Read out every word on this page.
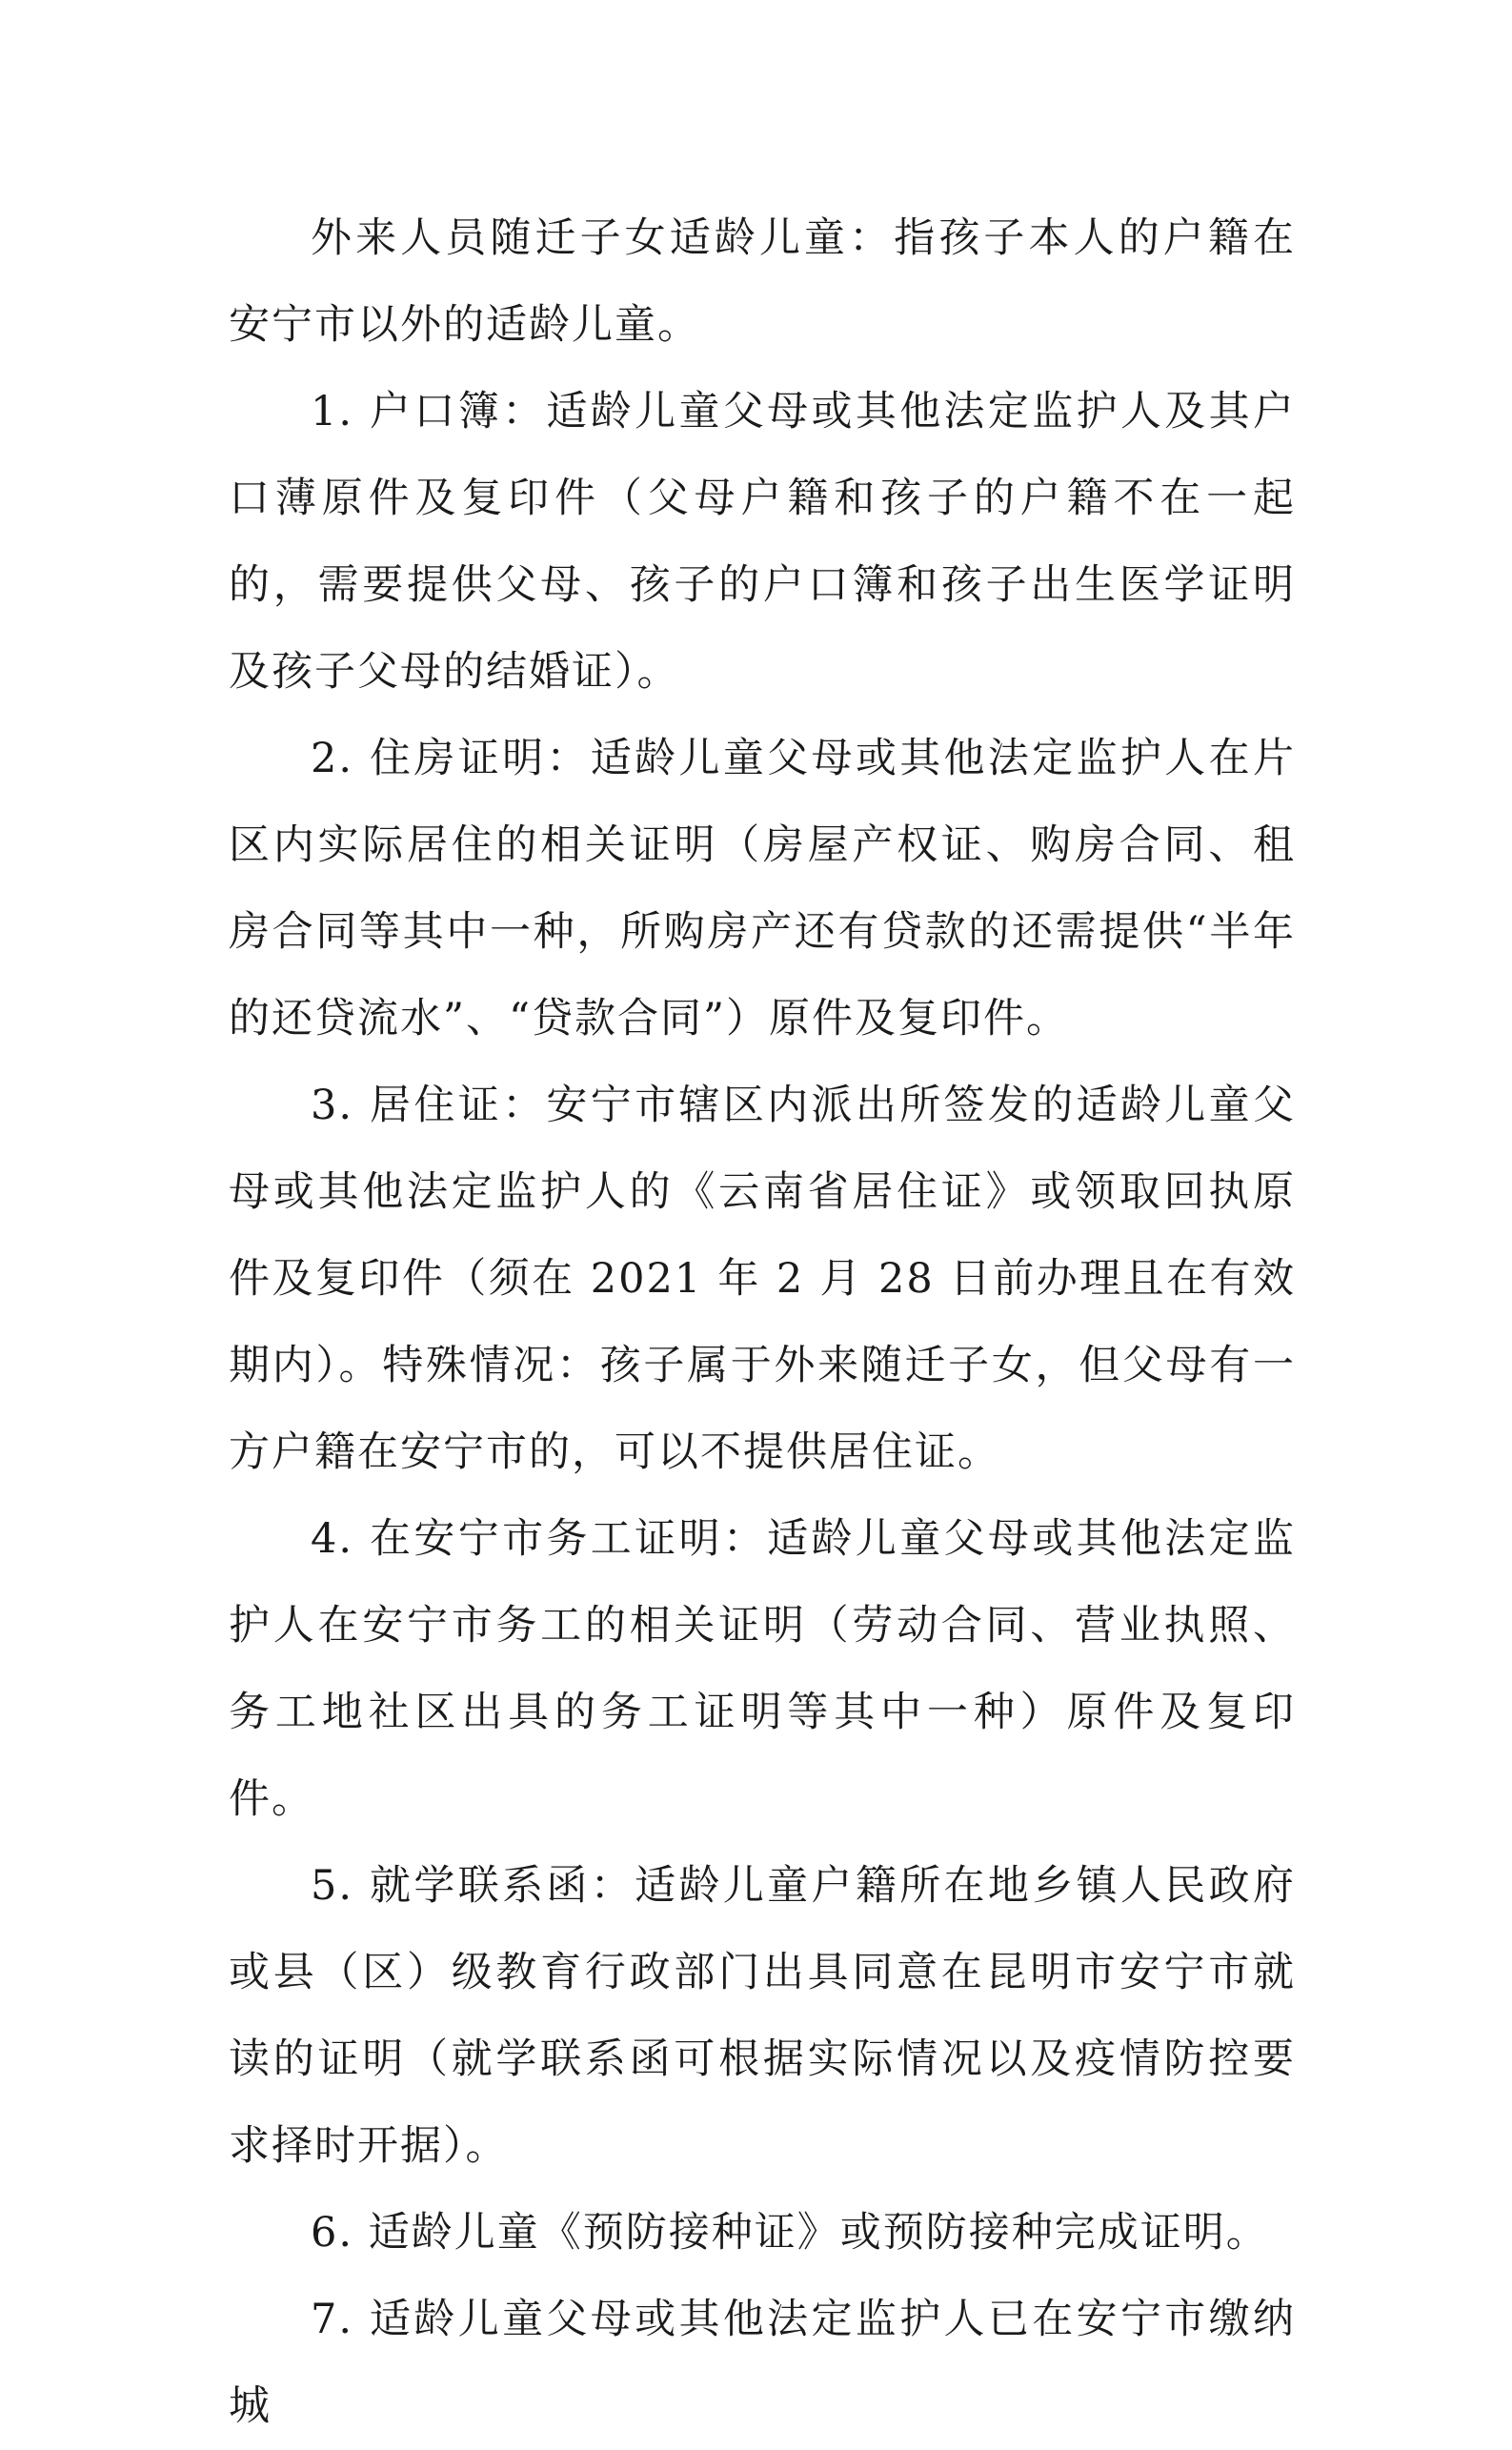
外来人员随迁子女适龄儿童：指孩子本人的户籍在安宁市以外的适龄儿童。

1. 户口簿：适龄儿童父母或其他法定监护人及其户口薄原件及复印件（父母户籍和孩子的户籍不在一起的，需要提供父母、孩子的户口簿和孩子出生医学证明及孩子父母的结婚证）。

2. 住房证明：适龄儿童父母或其他法定监护人在片区内实际居住的相关证明（房屋产权证、购房合同、租房合同等其中一种，所购房产还有贷款的还需提供“半年的还贷流水”、“贷款合同”）原件及复印件。

3. 居住证：安宁市辖区内派出所签发的适龄儿童父母或其他法定监护人的《云南省居住证》或领取回执原件及复印件（须在 2021 年 2 月 28 日前办理且在有效期内）。特殊情况：孩子属于外来随迁子女，但父母有一方户籍在安宁市的，可以不提供居住证。

4. 在安宁市务工证明：适龄儿童父母或其他法定监护人在安宁市务工的相关证明（劳动合同、营业执照、务工地社区出具的务工证明等其中一种）原件及复印件。

5. 就学联系函：适龄儿童户籍所在地乡镇人民政府或县（区）级教育行政部门出具同意在昆明市安宁市就读的证明（就学联系函可根据实际情况以及疫情防控要求择时开据）。

6. 适龄儿童《预防接种证》或预防接种完成证明。

7. 适龄儿童父母或其他法定监护人已在安宁市缴纳城
